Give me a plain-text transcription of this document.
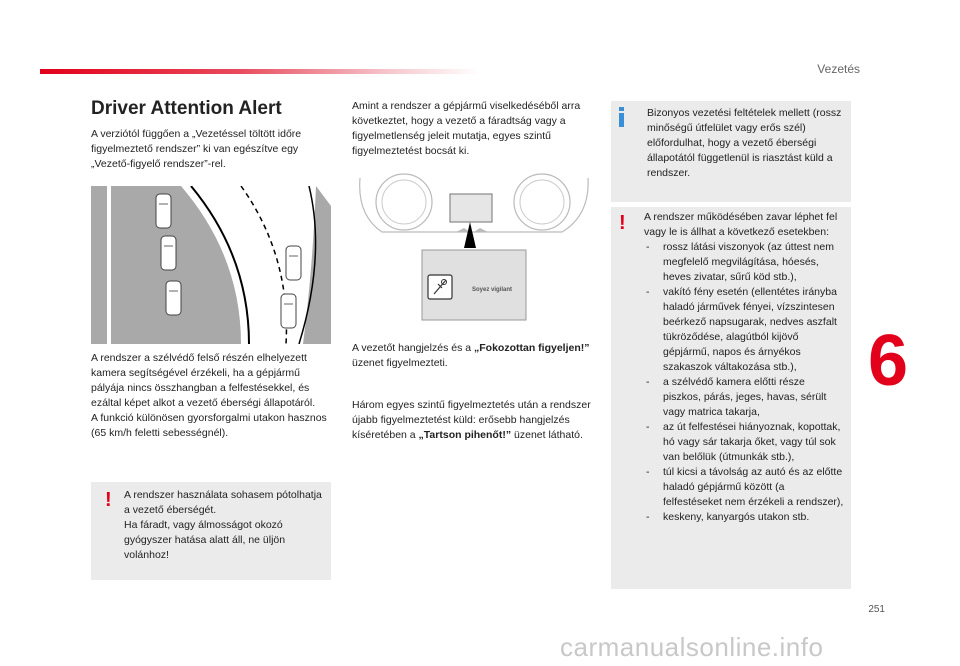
Vezetés
6
251
carmanualsonline.info
Driver Attention Alert

A verziótól függően a „Vezetéssel töltött időre figyelmeztető rendszer” ki van egészítve egy „Vezető-figyelő rendszer”-rel.

A rendszer a szélvédő felső részén elhelyezett kamera segítségével érzékeli, ha a gépjármű pályája nincs összhangban a felfestésekkel, és ezáltal képet alkot a vezető éberségi állapotáról.
A funkció különösen gyorsforgalmi utakon hasznos (65 km/h feletti sebességnél).

! A rendszer használata sohasem pótolhatja a vezető éberségét.
Ha fáradt, vagy álmosságot okozó gyógyszer hatása alatt áll, ne üljön volánhoz!

Amint a rendszer a gépjármű viselkedéséből arra következtet, hogy a vezető a fáradtság vagy a figyelmetlenség jeleit mutatja, egyes szintű figyelmeztetést bocsát ki.

Soyez vigilant

A vezetőt hangjelzés és a „Fokozottan figyeljen!” üzenet figyelmezteti.

Három egyes szintű figyelmeztetés után a rendszer újabb figyelmeztetést küld: erősebb hangjelzés kíséretében a „Tartson pihenőt!” üzenet látható.

Bizonyos vezetési feltételek mellett (rossz minőségű útfelület vagy erős szél) előfordulhat, hogy a vezető éberségi állapotától függetlenül is riasztást küld a rendszer.
! A rendszer működésében zavar léphet fel vagy le is állhat a következő esetekben:
- rossz látási viszonyok (az úttest nem megfelelő megvilágítása, hóesés, heves zivatar, sűrű köd stb.),
- vakító fény esetén (ellentétes irányba haladó járművek fényei, vízszintesen beérkező napsugarak, nedves aszfalt tükröződése, alagútból kijövő gépjármű, napos és árnyékos szakaszok váltakozása stb.),
- a szélvédő kamera előtti része piszkos, párás, jeges, havas, sérült vagy matrica takarja,
- az út felfestései hiányoznak, kopottak, hó vagy sár takarja őket, vagy túl sok van belőlük (útmunkák stb.),
- túl kicsi a távolság az autó és az előtte haladó gépjármű között (a felfestéseket nem érzékeli a rendszer),
- keskeny, kanyargós utakon stb.
